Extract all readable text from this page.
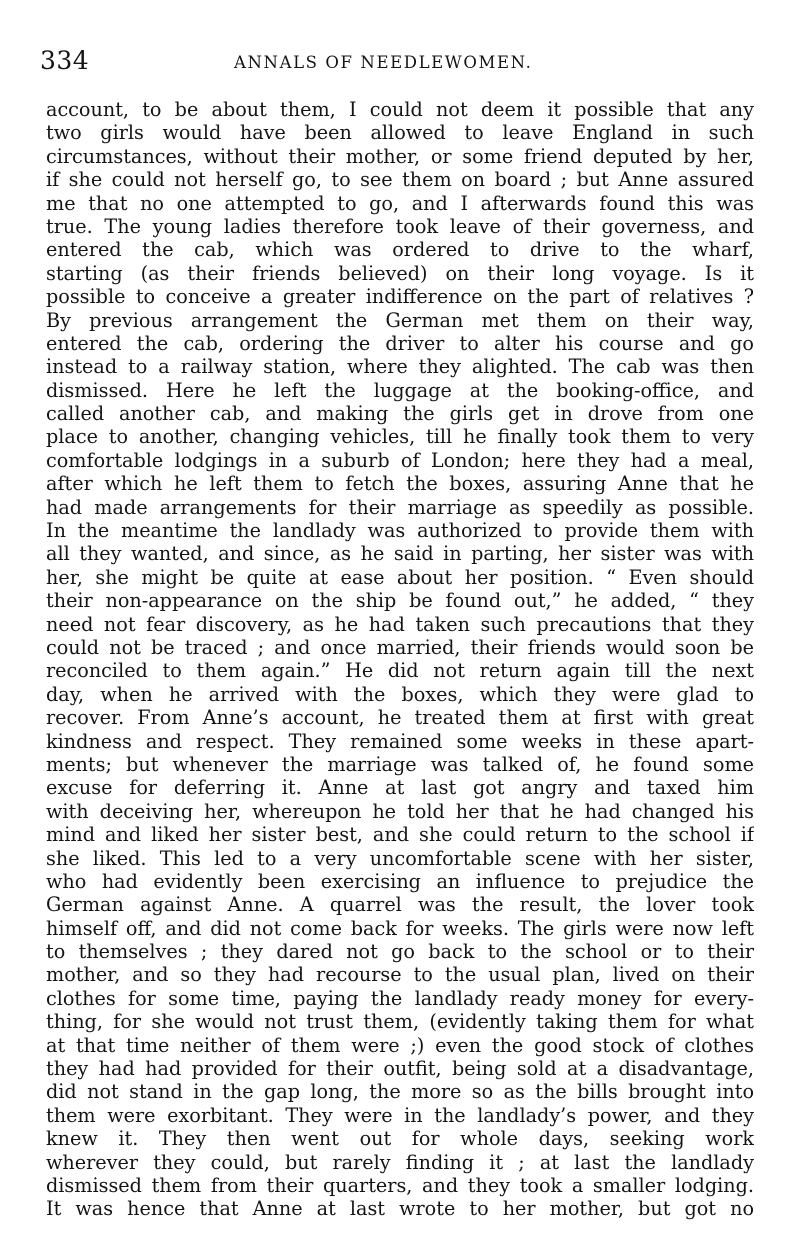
334	ANNALS OF NEEDLEWOMEN.
account, to be about them, I could not deem it possible that any
two girls would have been allowed to leave England in such
circumstances, without their mother, or some friend deputed by her,
if she could not herself go, to see them on board ; but Anne assured
me that no one attempted to go, and I afterwards found this was
true. The young ladies therefore took leave of their governess, and
entered the cab, which was ordered to drive to the wharf,
starting (as their friends believed) on their long voyage. Is it
possible to conceive a greater indifference on the part of relatives ?
By previous arrangement the German met them on their way,
entered the cab, ordering the driver to alter his course and go
instead to a railway station, where they alighted. The cab was then
dismissed. Here he left the luggage at the booking-office, and
called another cab, and making the girls get in drove from one
place to another, changing vehicles, till he finally took them to very
comfortable lodgings in a suburb of London; here they had a meal,
after which he left them to fetch the boxes, assuring Anne that he
had made arrangements for their marriage as speedily as possible.
In the meantime the landlady was authorized to provide them with
all they wanted, and since, as he said in parting, her sister was with
her, she might be quite at ease about her position. “ Even should
their non-appearance on the ship be found out,” he added, “ they
need not fear discovery, as he had taken such precautions that they
could not be traced ; and once married, their friends would soon be
reconciled to them again.” He did not return again till the next
day, when he arrived with the boxes, which they were glad to
recover. From Anne’s account, he treated them at first with great
kindness and respect. They remained some weeks in these apart-
ments; but whenever the marriage was talked of, he found some
excuse for deferring it. Anne at last got angry and taxed him
with deceiving her, whereupon he told her that he had changed his
mind and liked her sister best, and she could return to the school if
she liked. This led to a very uncomfortable scene with her sister,
who had evidently been exercising an influence to prejudice the
German against Anne. A quarrel was the result, the lover took
himself off, and did not come back for weeks. The girls were now left
to themselves ; they dared not go back to the school or to their
mother, and so they had recourse to the usual plan, lived on their
clothes for some time, paying the landlady ready money for every-
thing, for she would not trust them, (evidently taking them for what
at that time neither of them were ;) even the good stock of clothes
they had had provided for their outfit, being sold at a disadvantage,
did not stand in the gap long, the more so as the bills brought into
them were exorbitant. They were in the landlady’s power, and they
knew it. They then went out for whole days, seeking work
wherever they could, but rarely finding it ; at last the landlady
dismissed them from their quarters, and they took a smaller lodging.
It was hence that Anne at last wrote to her mother, but got no
